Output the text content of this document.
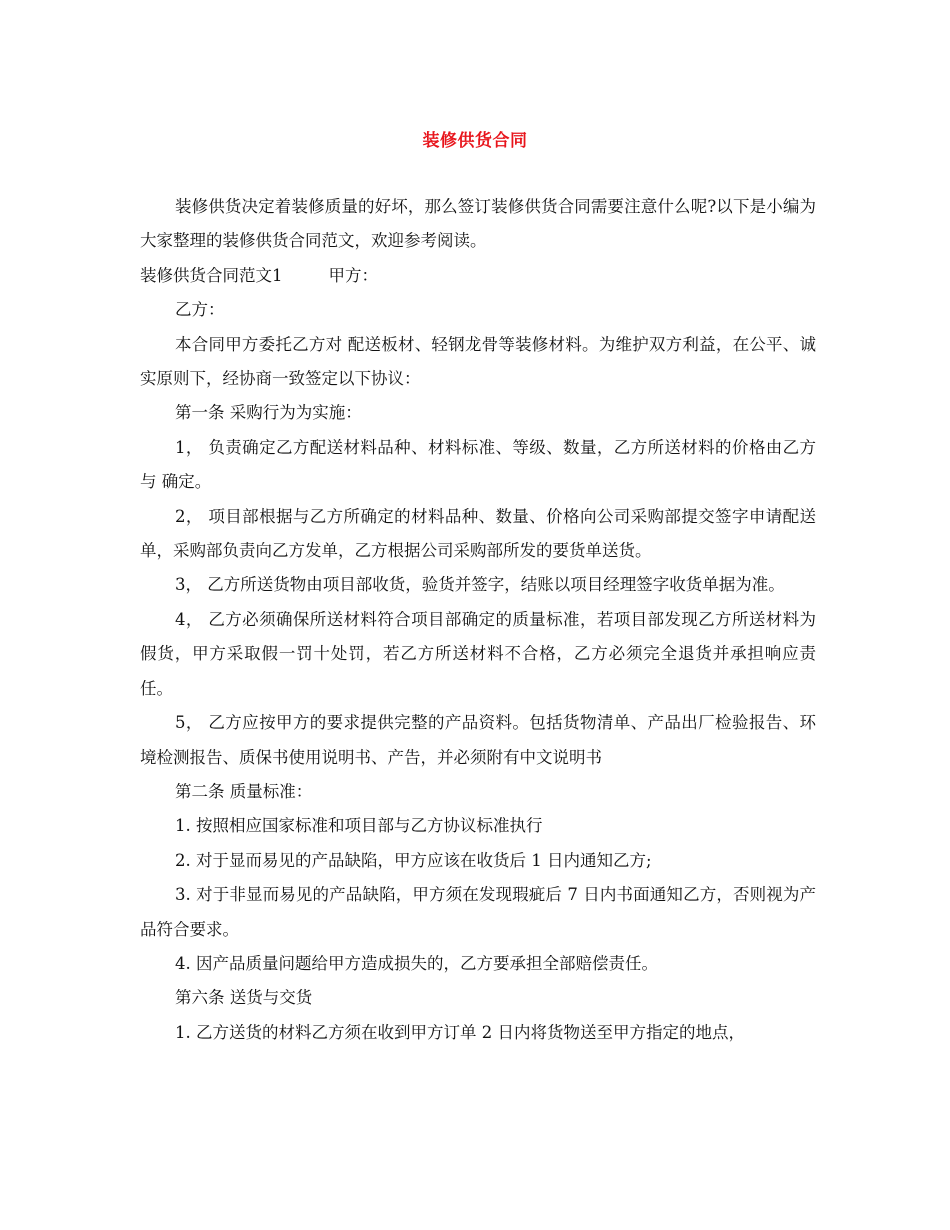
装修供货合同

装修供货决定着装修质量的好坏，那么签订装修供货合同需要注意什么呢?以下是小编为大家整理的装修供货合同范文，欢迎参考阅读。

装修供货合同范文1	甲方：

乙方：

本合同甲方委托乙方对 配送板材、轻钢龙骨等装修材料。为维护双方利益，在公平、诚实原则下，经协商一致签定以下协议：

第一条 采购行为为实施：

1， 负责确定乙方配送材料品种、材料标准、等级、数量，乙方所送材料的价格由乙方与 确定。

2， 项目部根据与乙方所确定的材料品种、数量、价格向公司采购部提交签字申请配送单，采购部负责向乙方发单，乙方根据公司采购部所发的要货单送货。

3， 乙方所送货物由项目部收货，验货并签字，结账以项目经理签字收货单据为准。

4， 乙方必须确保所送材料符合项目部确定的质量标准，若项目部发现乙方所送材料为假货，甲方采取假一罚十处罚，若乙方所送材料不合格，乙方必须完全退货并承担响应责任。

5， 乙方应按甲方的要求提供完整的产品资料。包括货物清单、产品出厂检验报告、环境检测报告、质保书使用说明书、产告，并必须附有中文说明书

第二条 质量标准：

1. 按照相应国家标准和项目部与乙方协议标准执行

2. 对于显而易见的产品缺陷，甲方应该在收货后 1 日内通知乙方;

3. 对于非显而易见的产品缺陷，甲方须在发现瑕疵后 7 日内书面通知乙方，否则视为产品符合要求。

4. 因产品质量问题给甲方造成损失的，乙方要承担全部赔偿责任。

第六条 送货与交货

1. 乙方送货的材料乙方须在收到甲方订单 2 日内将货物送至甲方指定的地点，
